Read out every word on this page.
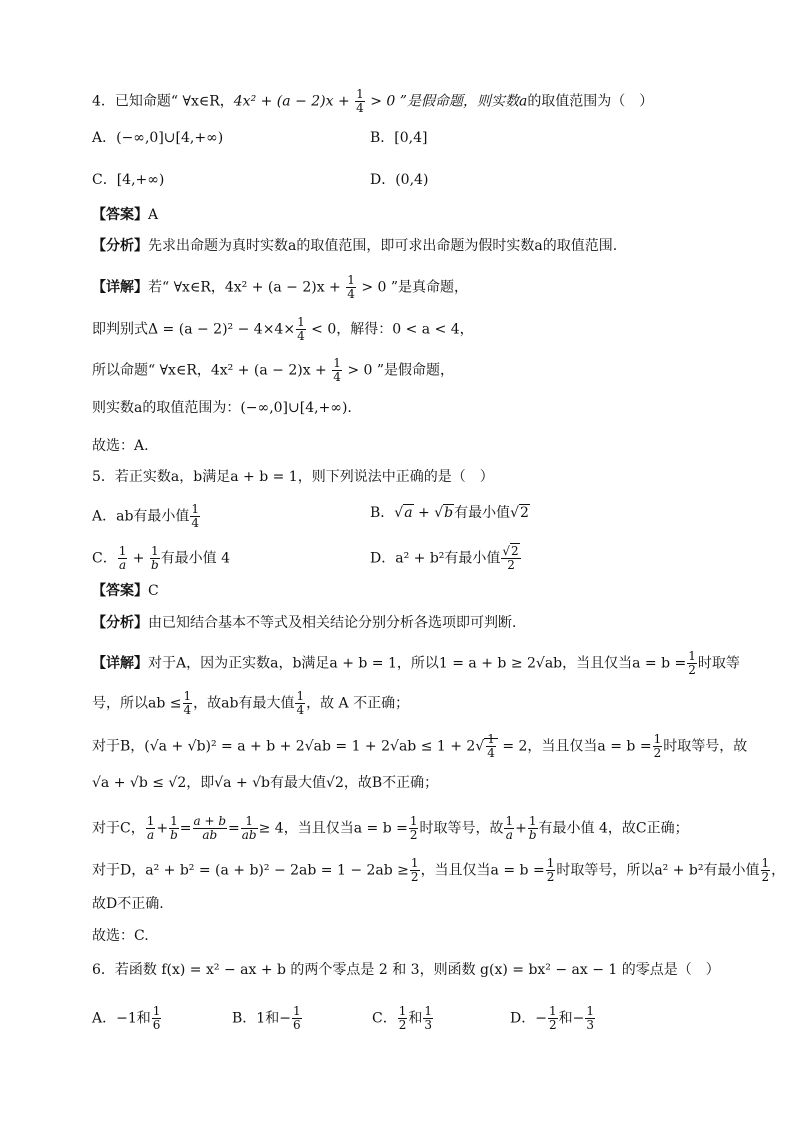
4．已知命题“ ∀x∈R，$4x^2 + (a - 2)x + \frac{1}{4} > 0$ ”是假命题，则实数a的取值范围为（　）
A．(−∞,0]∪[4,+∞)	B．[0,4]
C．[4,+∞)	D．(0,4)
【答案】A
【分析】先求出命题为真时实数a的取值范围，即可求出命题为假时实数a的取值范围.
【详解】若“ ∀x∈R，$4x^2 + (a - 2)x + \frac{1}{4} > 0$ ”是真命题，
即判别式$\Delta = (a - 2)^2 - 4\times 4\times \frac{1}{4} < 0$，解得：0 < a < 4，
所以命题“ ∀x∈R，$4x^2 + (a - 2)x + \frac{1}{4} > 0$ ”是假命题，
则实数a的取值范围为：(−∞,0]∪[4,+∞).
故选：A.
5．若正实数a，b满足a + b = 1，则下列说法中正确的是（　）
A．ab有最小值 $\frac{1}{4}$	B．√a + √b有最小值√2
C． $\frac{1}{a} + \frac{1}{b}$ 有最小值 4	D．a² + b²有最小值 $\frac{√2}{2}$
【答案】C
【分析】由已知结合基本不等式及相关结论分别分析各选项即可判断．
【详解】对于A，因为正实数a，b满足a + b = 1，所以1 = a + b ≥ 2√ab，当且仅当$a = b = \frac{1}{2}$ 时取等
号，所以ab ≤ $\frac{1}{4}$ ，故ab有最大值 $\frac{1}{4}$ ，故 A 不正确；
对于B，$(√a + √b)^2 = a + b + 2√ab = 1 + 2√ab \le 1 + 2√ \frac{1}{4} = 2$，当且仅当$a = b = \frac{1}{2}$ 时取等号，故
√a + √b ≤ √2，即√a + √b有最大值√2，故B不正确；
对于C， $\frac{1}{a} + \frac{1}{b} = \frac{a + b}{ab} = \frac{1}{ab} \ge 4$，当且仅当$a = b = \frac{1}{2}$ 时取等号，故 $\frac{1}{a} + \frac{1}{b}$ 有最小值 4，故C正确；
对于D，$a^2 + b^2 = (a + b)^2 - 2ab = 1 - 2ab \ge \frac{1}{2}$ ，当且仅当$a = b = \frac{1}{2}$ 时取等号，所以a² + b²有最小值 $\frac{1}{2}$ ，
故D不正确.
故选：C.
6．若函数 f(x) = x² − ax + b 的两个零点是 2 和 3，则函数 g(x) = bx² − ax − 1 的零点是（　）
A．−1和 $\frac{1}{6}$	B．1和− $\frac{1}{6}$	C． $\frac{1}{2}$ 和 $\frac{1}{3}$	D．− $\frac{1}{2}$ 和− $\frac{1}{3}$
